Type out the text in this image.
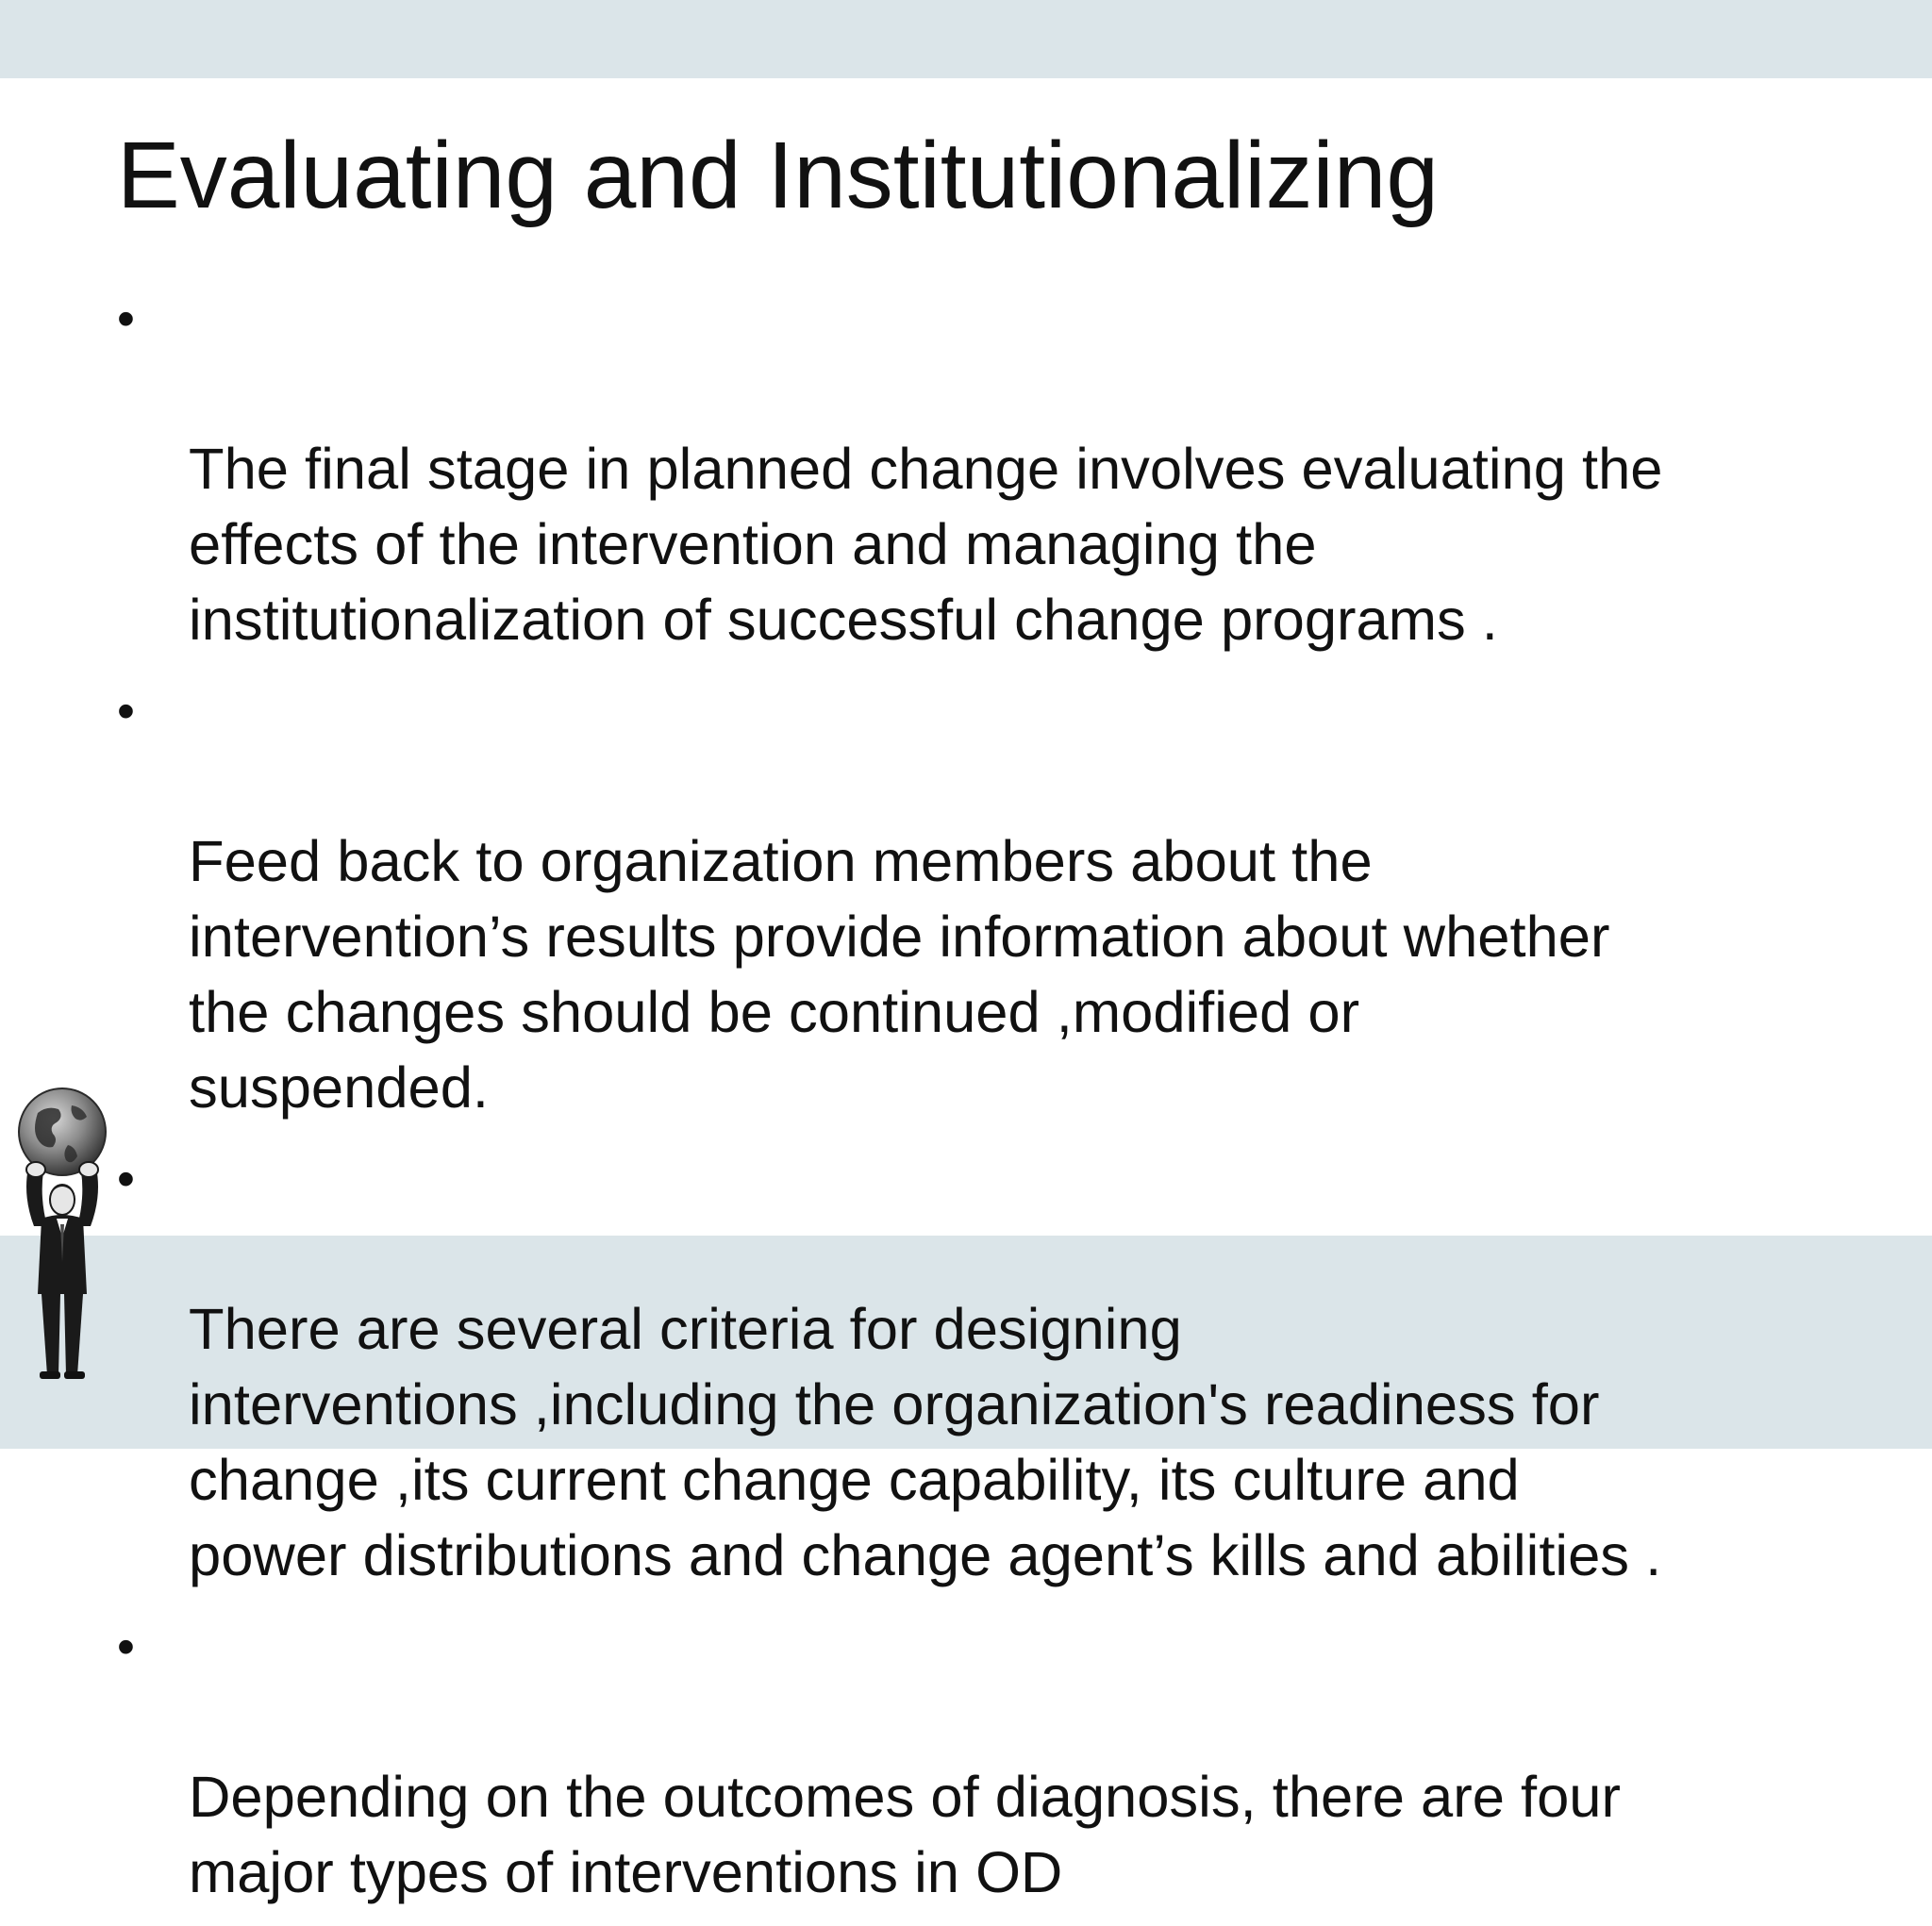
Evaluating and Institutionalizing

•

The final stage in planned change involves evaluating the
effects of the intervention and managing the
institutionalization of successful change programs .

•

Feed back to organization members about the
intervention’s results provide information about whether
the changes should be continued ,modified or
suspended.

•

There are several criteria for designing
interventions ,including the organization's readiness for
change ,its current change capability, its culture and
power distributions and change agent’s kills and abilities .

•

Depending on the outcomes of diagnosis, there are four
major types of interventions in OD
